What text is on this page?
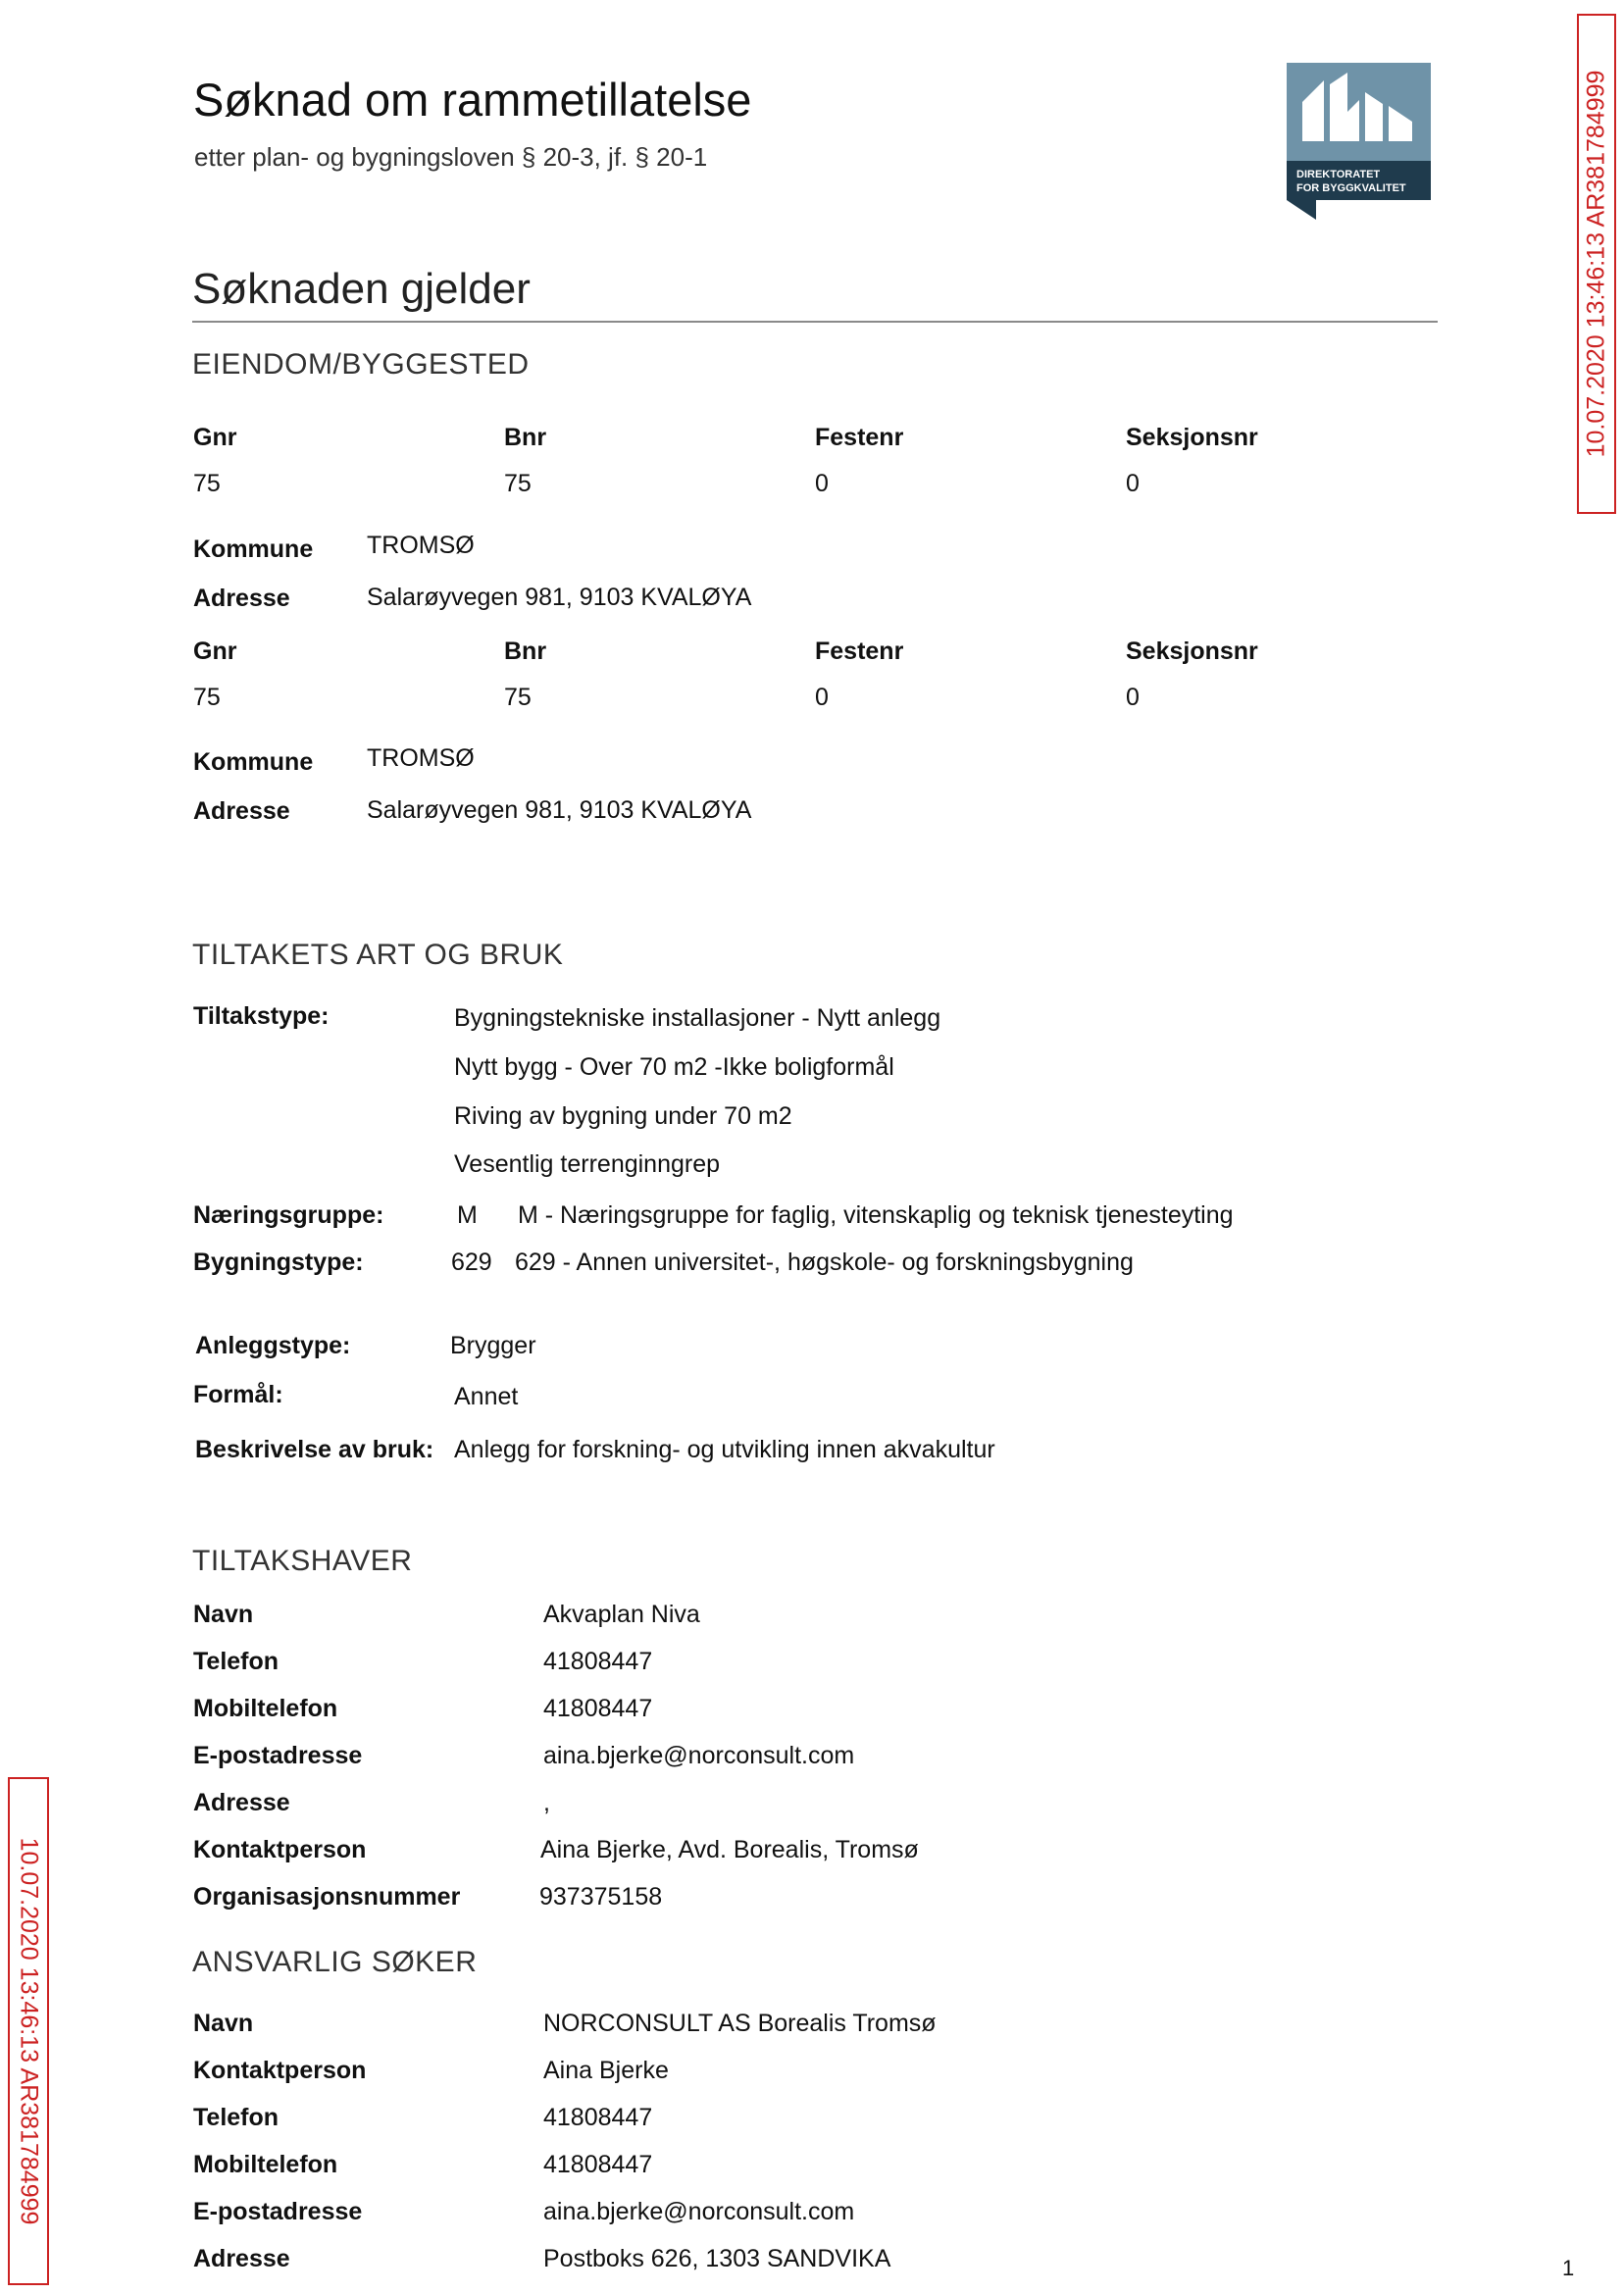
Søknad om rammetillatelse
etter plan- og bygningsloven § 20-3, jf. § 20-1
DIREKTORATET
FOR BYGGKVALITET
Søknaden gjelder
EIENDOM/BYGGESTED
Gnr	Bnr	Festenr	Seksjonsnr
75	75	0	0
Kommune TROMSØ
Adresse	Salarøyvegen 981, 9103 KVALØYA
Gnr	Bnr	Festenr	Seksjonsnr
75	75	0	0
Kommune TROMSØ
Adresse	Salarøyvegen 981, 9103 KVALØYA
TILTAKETS ART OG BRUK
Tiltakstype:	Bygningstekniske installasjoner - Nytt anlegg
Nytt bygg - Over 70 m2 -Ikke boligformål
Riving av bygning under 70 m2
Vesentlig terrenginngrep
Næringsgruppe:	M M - Næringsgruppe for faglig, vitenskaplig og teknisk tjenesteyting
Bygningstype:	629 629 - Annen universitet-, høgskole- og forskningsbygning
Anleggstype:	Brygger
Formål:	Annet
Beskrivelse av bruk: Anlegg for forskning- og utvikling innen akvakultur
TILTAKSHAVER
Navn	Akvaplan Niva
Telefon	41808447
Mobiltelefon	41808447
E-postadresse	aina.bjerke@norconsult.com
Adresse	,
Kontaktperson	Aina Bjerke, Avd. Borealis, Tromsø
Organisasjonsnummer	937375158
ANSVARLIG SØKER
Navn	NORCONSULT AS Borealis Tromsø
Kontaktperson	Aina Bjerke
Telefon	41808447
Mobiltelefon	41808447
E-postadresse	aina.bjerke@norconsult.com
Adresse	Postboks 626, 1303 SANDVIKA
10.07.2020 13:46:13 AR381784999
10.07.2020 13:46:13 AR381784999
1
